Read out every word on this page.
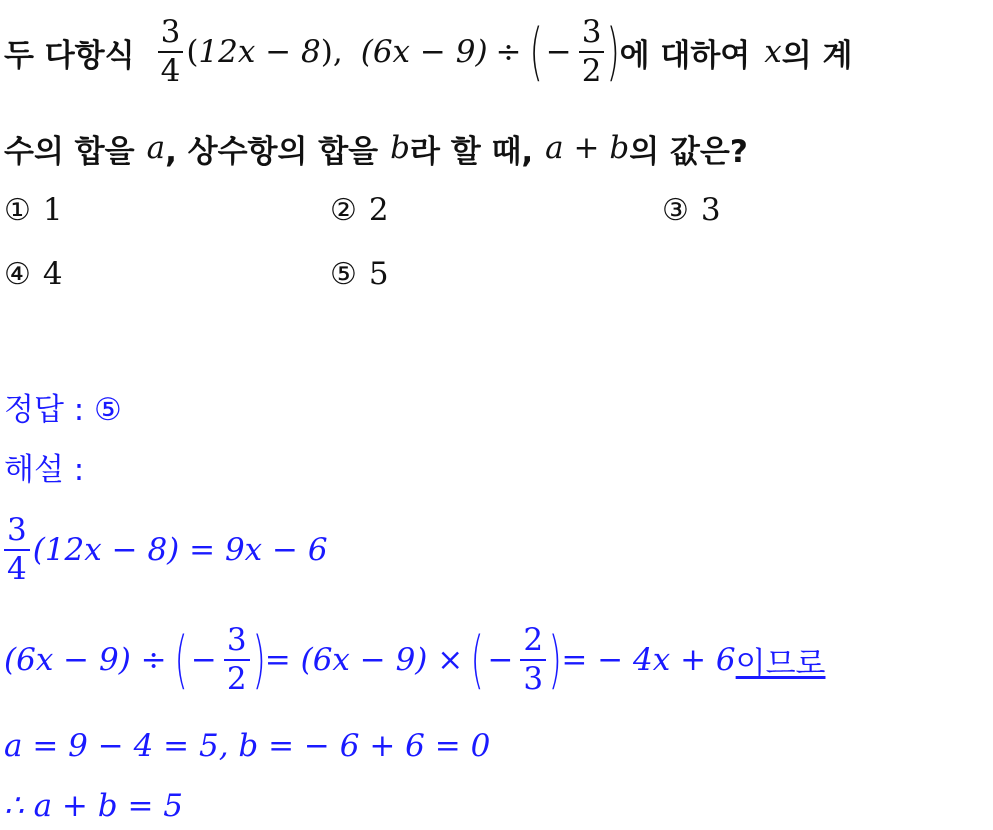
두 다항식 $\frac{3}{4}$ ( 12x − 8 ) , (6x − 9) ÷ ( − $\frac{3}{2}$ ) 에 대하여 x 의 계
수의 합을 a , 상수항의 합을 b 라 할 때, a + b 의 값은?
① 1	② 2	③ 3
④ 4	⑤ 5
정답 : ⑤
해설 :
$\frac{3}{4} (12x - 8) = 9x - 6$
(6x − 9) ÷ ( − $\frac{3}{2}$ ) = (6x − 9) × ( − $\frac{2}{3}$ ) = − 4x + 6 이므로
a = 9 − 4 = 5, b = − 6 + 6 = 0
∴ a + b = 5
